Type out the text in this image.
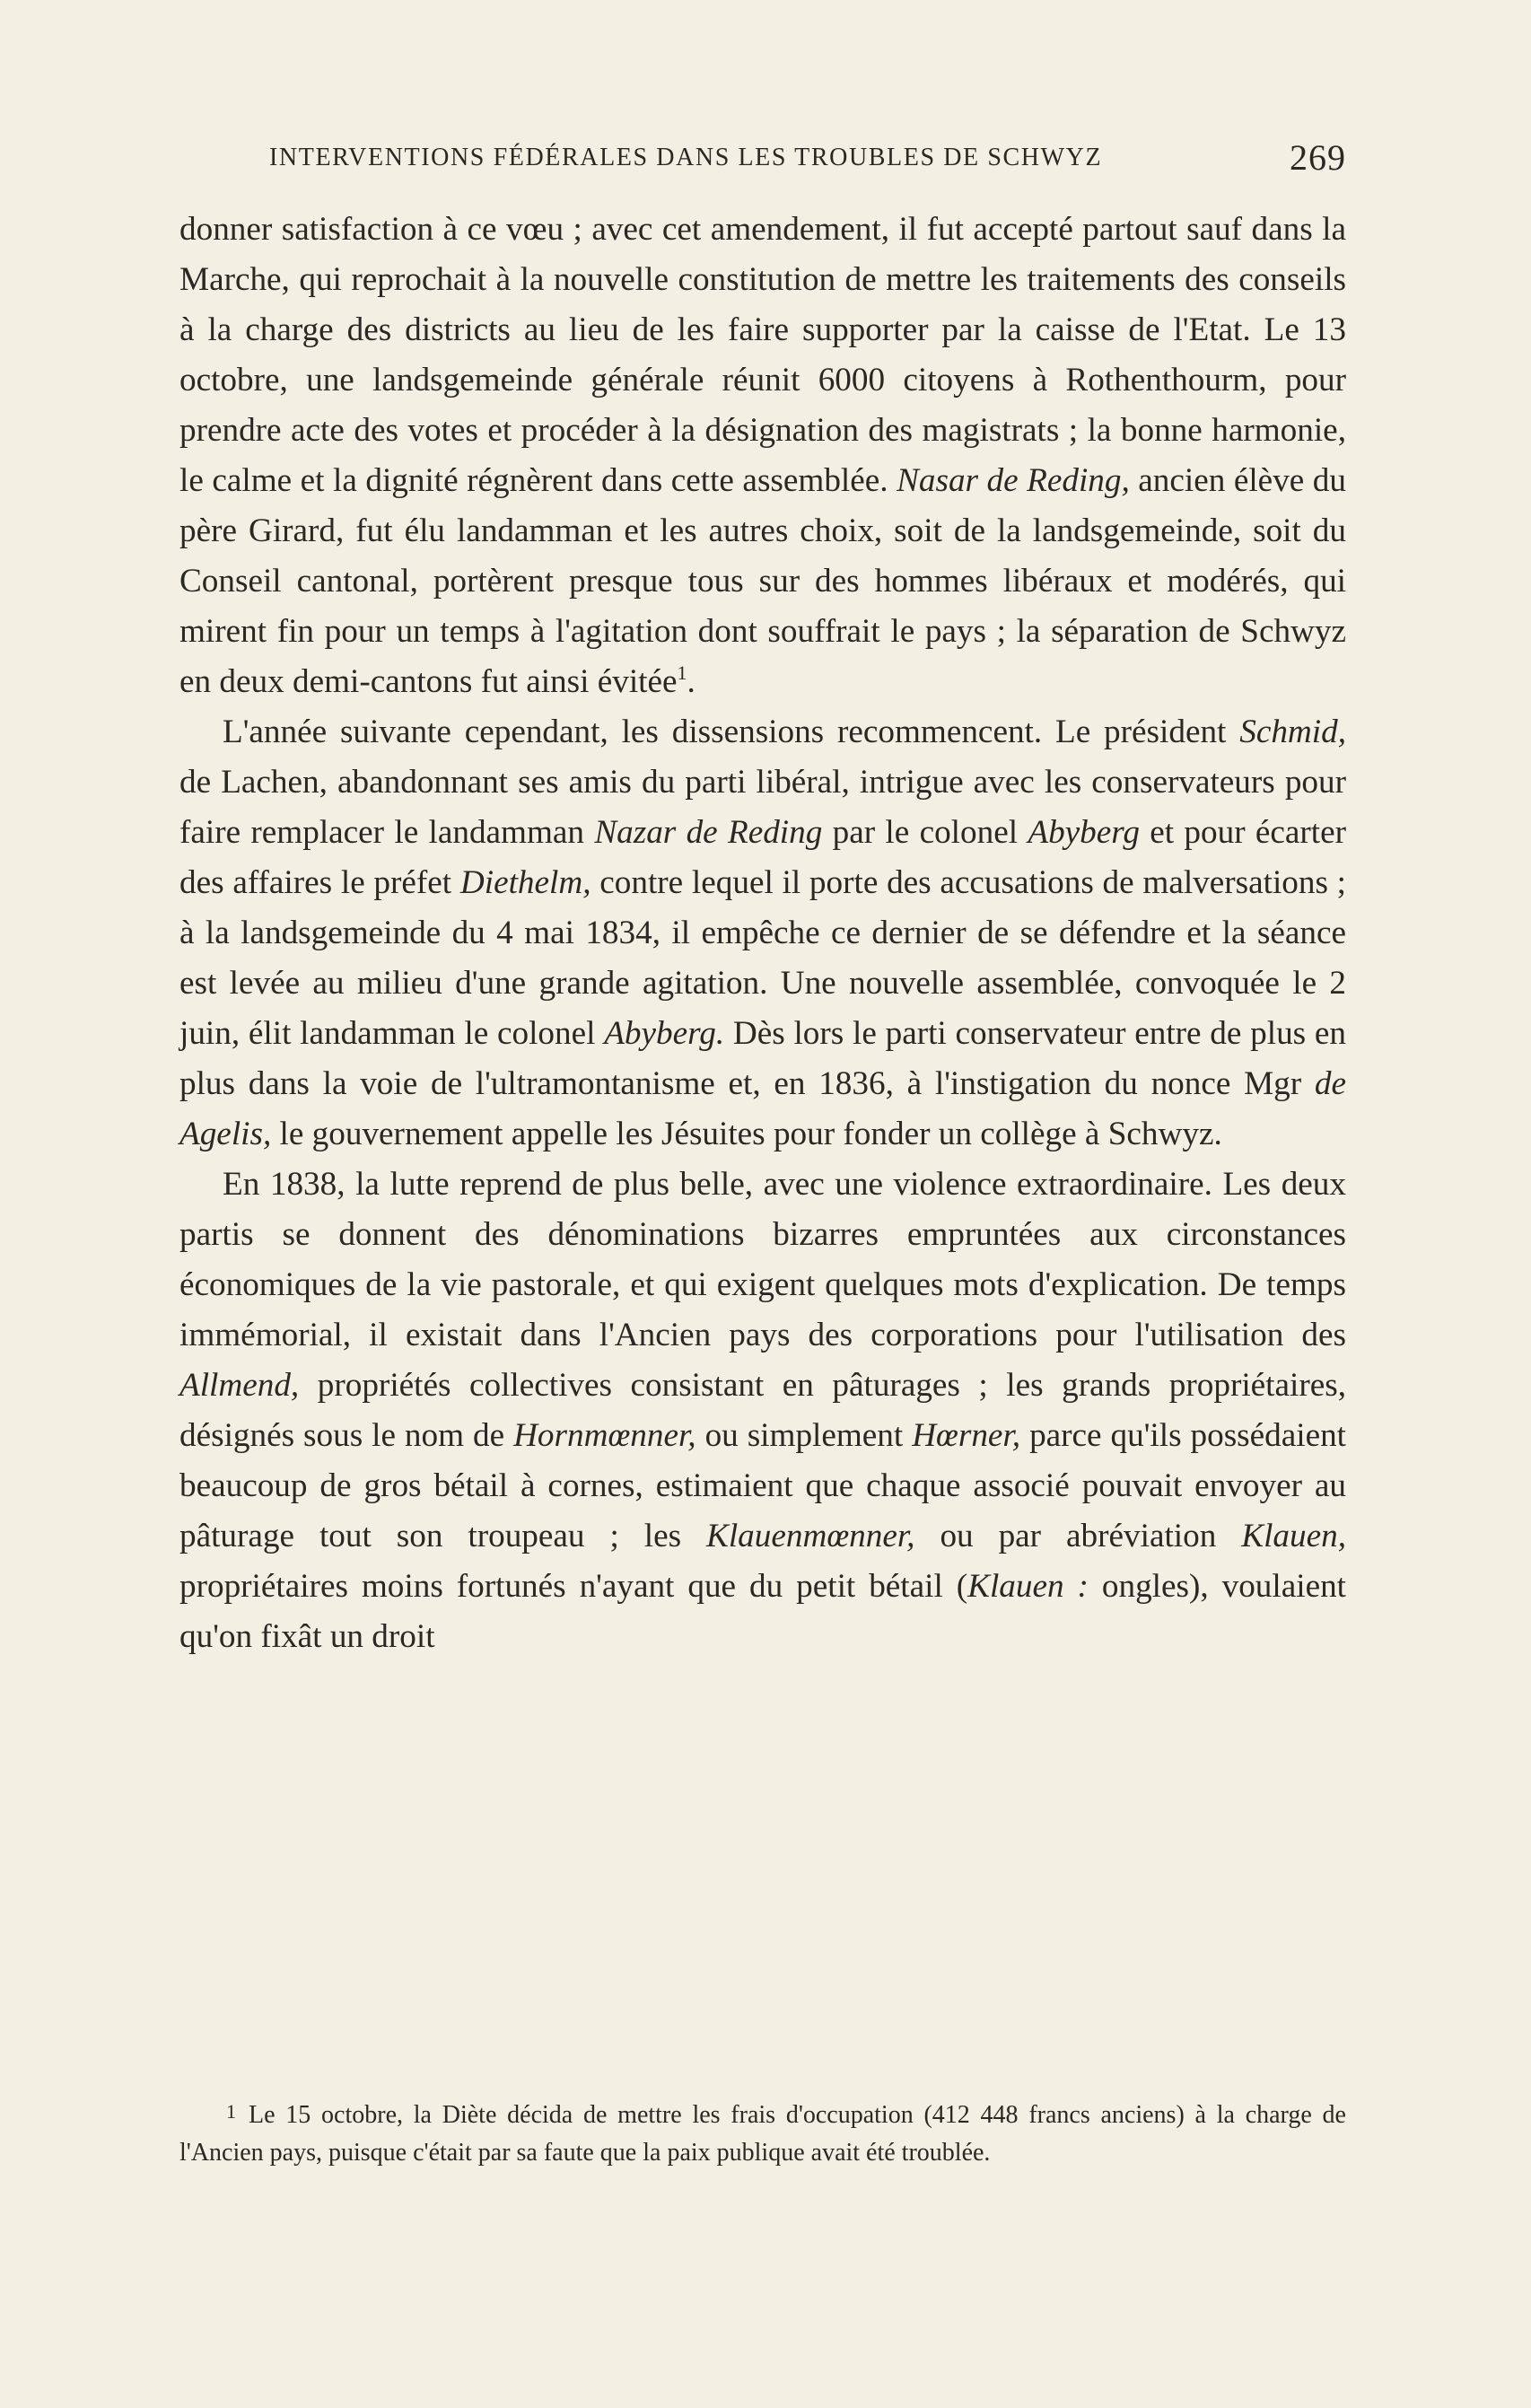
INTERVENTIONS FÉDÉRALES DANS LES TROUBLES DE SCHWYZ	269

donner satisfaction à ce vœu ; avec cet amendement, il fut accepté partout sauf dans la Marche, qui reprochait à la nouvelle constitution de mettre les traitements des conseils à la charge des districts au lieu de les faire supporter par la caisse de l'Etat. Le 13 octobre, une landsgemeinde générale réunit 6000 citoyens à Rothenthourm, pour prendre acte des votes et procéder à la désignation des magistrats ; la bonne harmonie, le calme et la dignité régnèrent dans cette assemblée. Nasar de Reding, ancien élève du père Girard, fut élu landamman et les autres choix, soit de la landsgemeinde, soit du Conseil cantonal, portèrent presque tous sur des hommes libéraux et modérés, qui mirent fin pour un temps à l'agitation dont souffrait le pays ; la séparation de Schwyz en deux demi-cantons fut ainsi évitée$^1$.

L'année suivante cependant, les dissensions recommencent. Le président Schmid, de Lachen, abandonnant ses amis du parti libéral, intrigue avec les conservateurs pour faire remplacer le landamman Nazar de Reding par le colonel Abyberg et pour écarter des affaires le préfet Diethelm, contre lequel il porte des accusations de malversations ; à la landsgemeinde du 4 mai 1834, il empêche ce dernier de se défendre et la séance est levée au milieu d'une grande agitation. Une nouvelle assemblée, convoquée le 2 juin, élit landamman le colonel Abyberg. Dès lors le parti conservateur entre de plus en plus dans la voie de l'ultramontanisme et, en 1836, à l'instigation du nonce Mgr de Agelis, le gouvernement appelle les Jésuites pour fonder un collège à Schwyz.

En 1838, la lutte reprend de plus belle, avec une violence extraordinaire. Les deux partis se donnent des dénominations bizarres empruntées aux circonstances économiques de la vie pastorale, et qui exigent quelques mots d'explication. De temps immémorial, il existait dans l'Ancien pays des corporations pour l'utilisation des Allmend, propriétés collectives consistant en pâturages ; les grands propriétaires, désignés sous le nom de Hornmœnner, ou simplement Hœrner, parce qu'ils possédaient beaucoup de gros bétail à cornes, estimaient que chaque associé pouvait envoyer au pâturage tout son troupeau ; les Klauenmœnner, ou par abréviation Klauen, propriétaires moins fortunés n'ayant que du petit bétail (Klauen : ongles), voulaient qu'on fixât un droit

1 Le 15 octobre, la Diète décida de mettre les frais d'occupation (412 448 francs anciens) à la charge de l'Ancien pays, puisque c'était par sa faute que la paix publique avait été troublée.
